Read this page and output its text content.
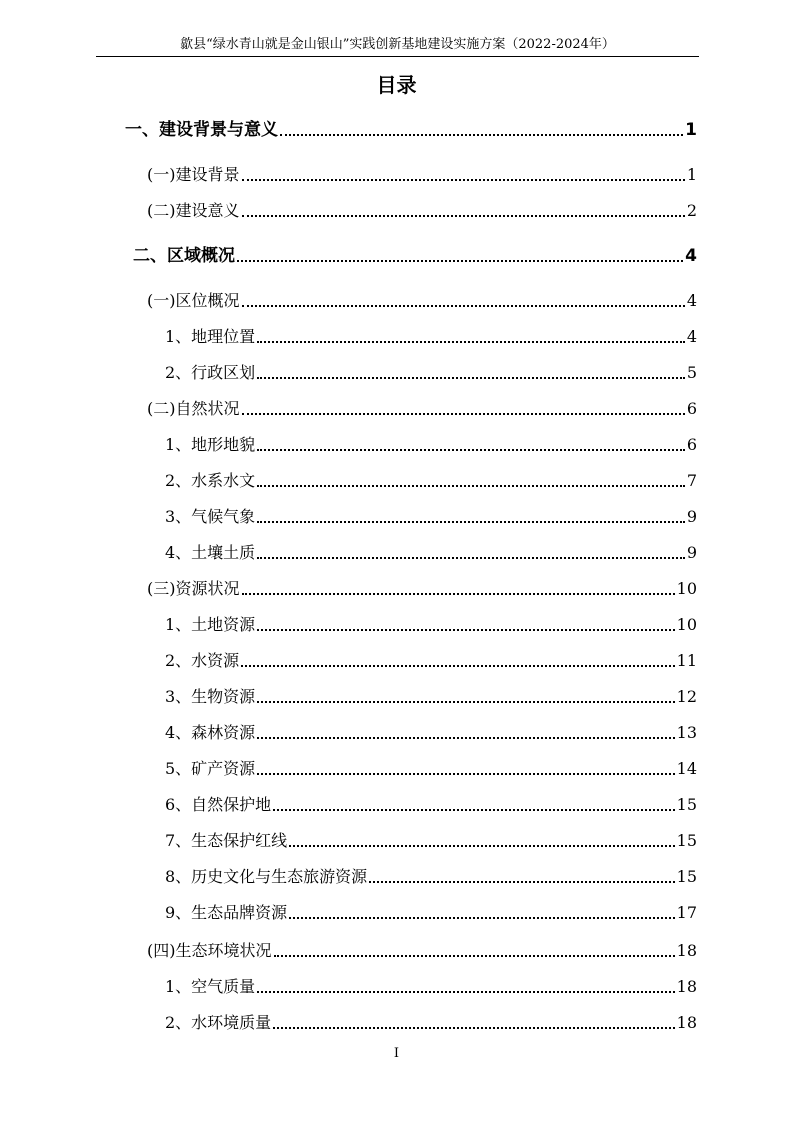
歙县“绿水青山就是金山银山”实践创新基地建设实施方案（2022-2024年）
目录
一、建设背景与意义	1
(一)建设背景	1
(二)建设意义	2
二、区域概况	4
(一)区位概况	4
1、地理位置	4
2、行政区划	5
(二)自然状况	6
1、地形地貌	6
2、水系水文	7
3、气候气象	9
4、土壤土质	9
(三)资源状况	10
1、土地资源	10
2、水资源	11
3、生物资源	12
4、森林资源	13
5、矿产资源	14
6、自然保护地	15
7、生态保护红线	15
8、历史文化与生态旅游资源	15
9、生态品牌资源	17
(四)生态环境状况	18
1、空气质量	18
2、水环境质量	18
I
